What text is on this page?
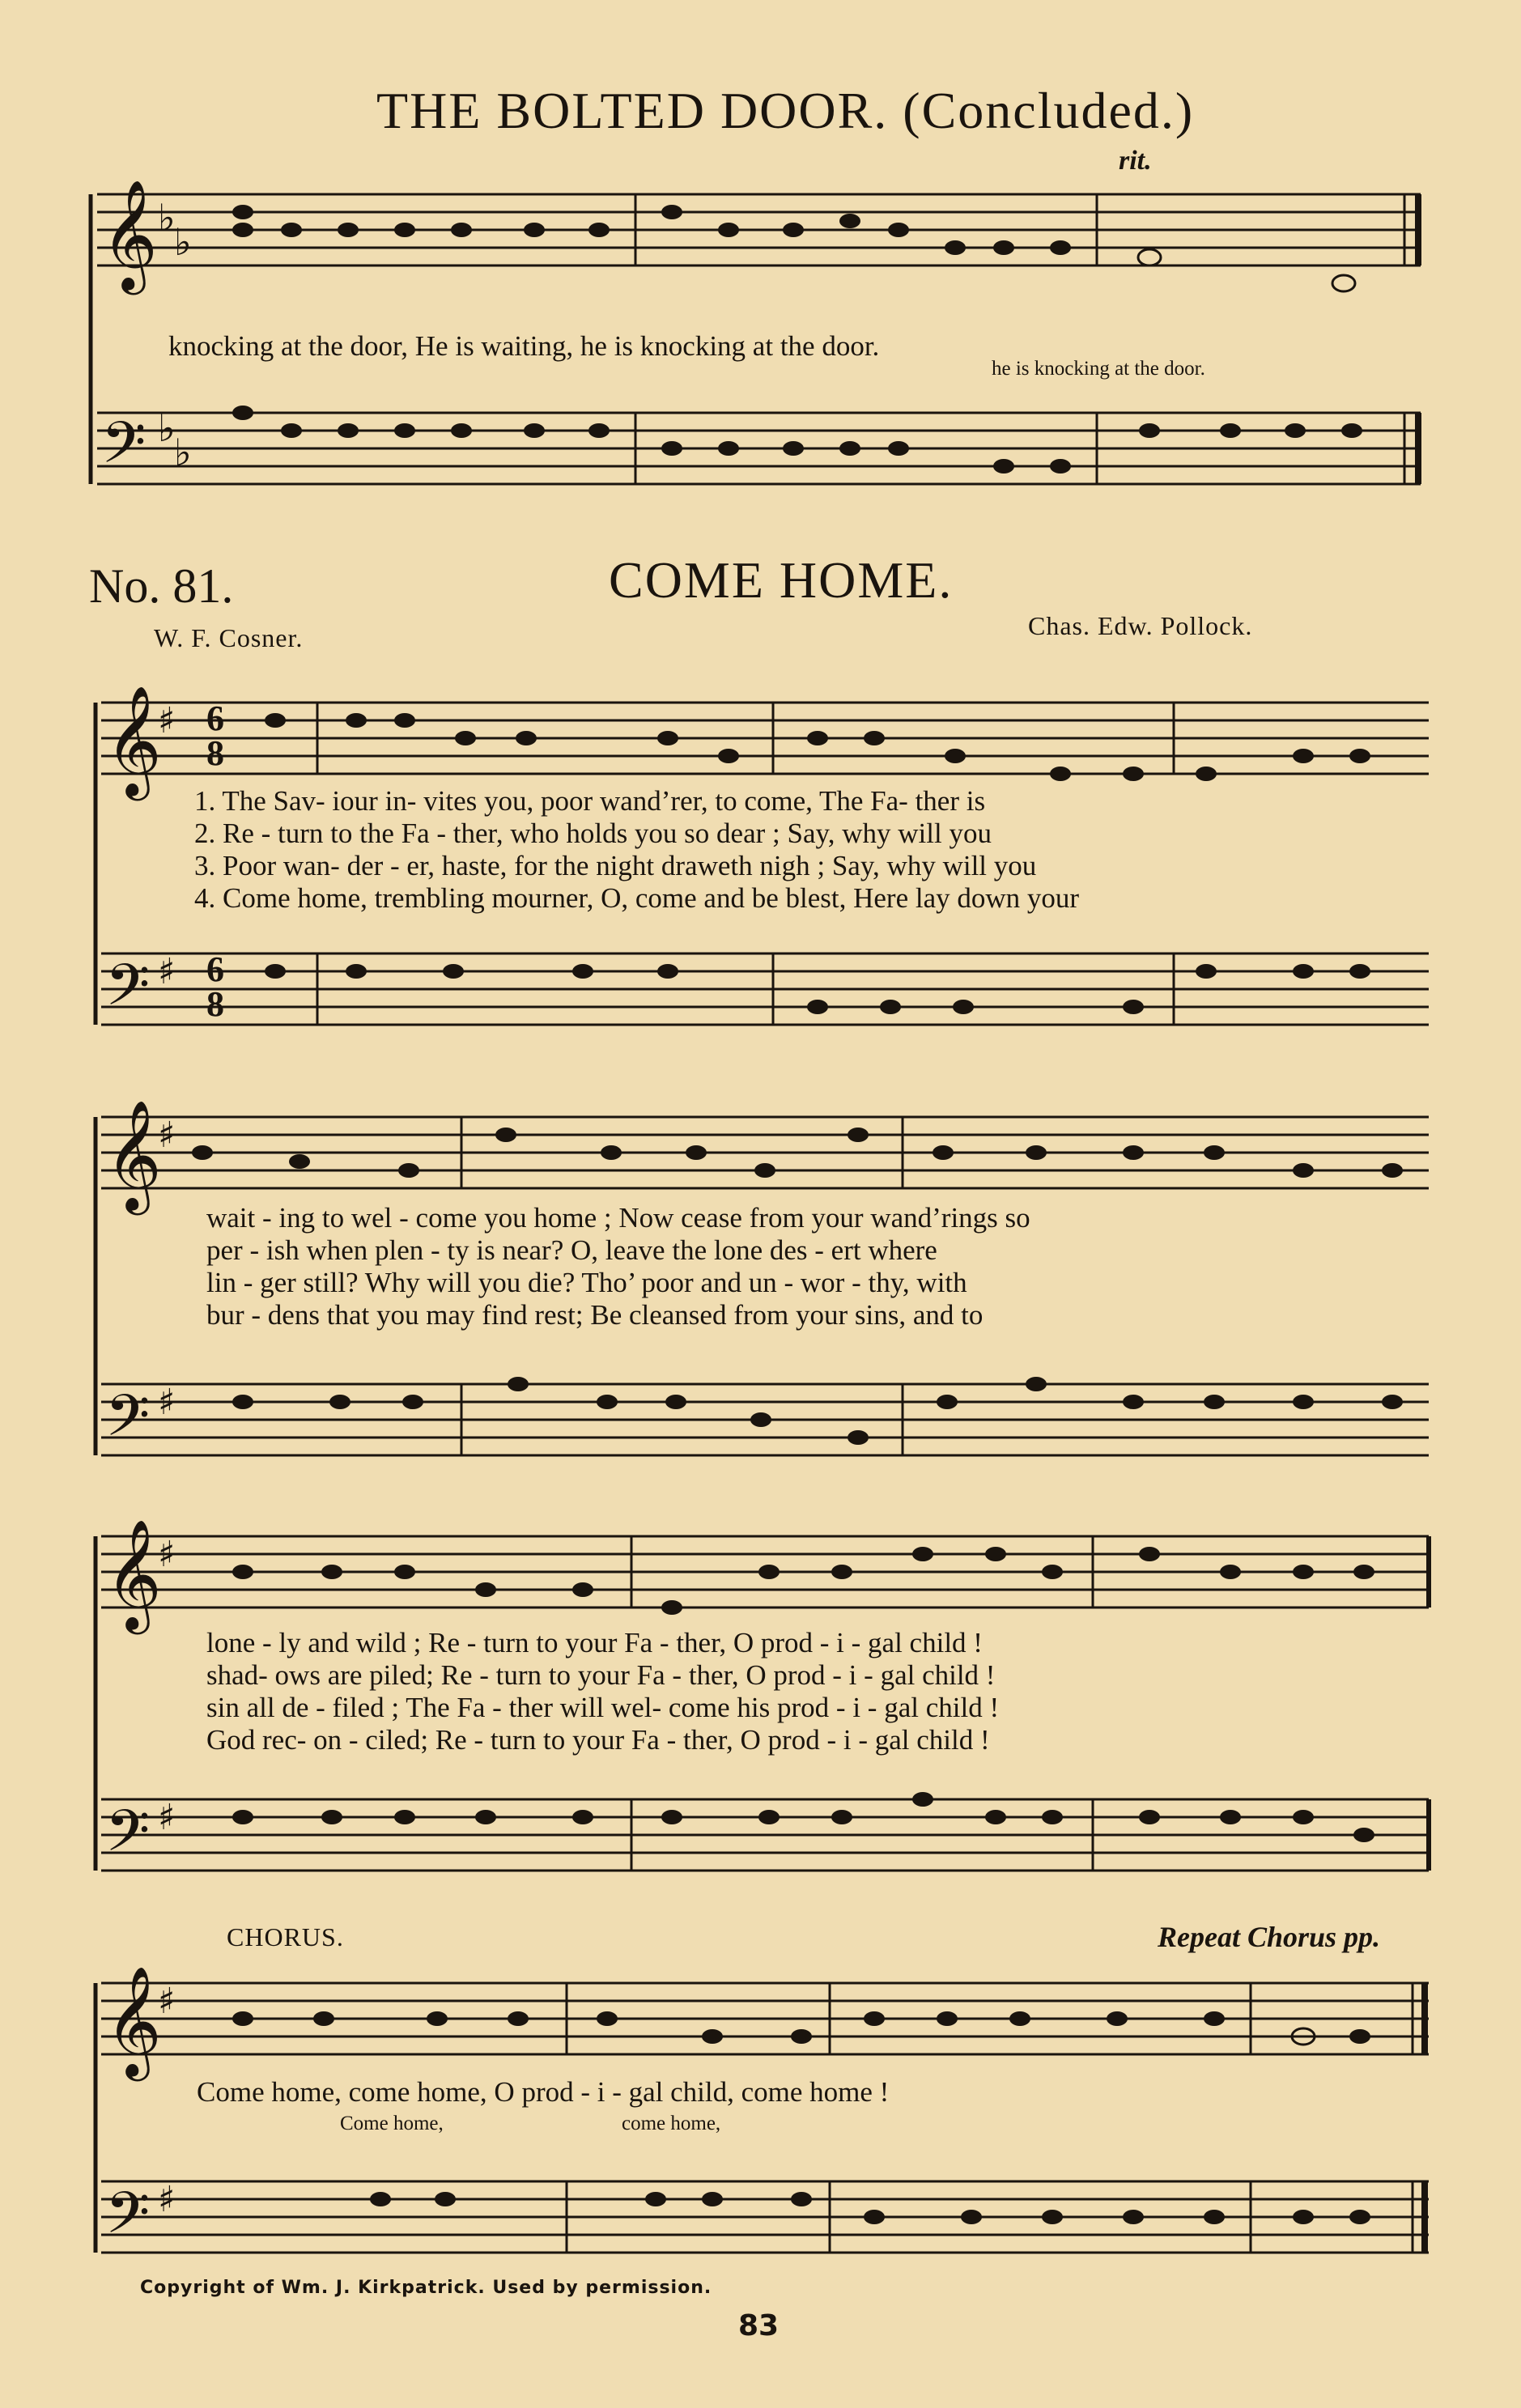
THE BOLTED DOOR. (Concluded.)
rit.
𝄞 ♭
♭
𝄢 ♭
♭
knocking at the door, He is waiting, he is knocking at the door.
he is knocking at the door.
No. 81.	COME HOME.
W. F. Cosner.	Chas. Edw. Pollock.
𝄞
𝄢
♯
♯
𝄞
𝄢
♯
♯
𝄞
𝄢
♯
♯
𝄞
𝄢
♯
♯
6
8
6
8
1. The Sav- iour in- vites you, poor wand’rer, to come, The Fa- ther is
2. Re - turn to the Fa - ther, who holds you so dear ; Say, why will you
3. Poor wan- der - er, haste, for the night draweth nigh ; Say, why will you
4. Come home, trembling mourner, O, come and be blest, Here lay down your
wait - ing to wel - come you home ; Now cease from your wand’rings so
per - ish when plen - ty is near? O, leave the lone des - ert where
lin - ger still? Why will you die? Tho’ poor and un - wor - thy, with
bur - dens that you may find rest; Be cleansed from your sins, and to
lone - ly and wild ; Re - turn to your Fa - ther, O prod - i - gal child !
shad- ows are piled; Re - turn to your Fa - ther, O prod - i - gal child !
sin all de - filed ; The Fa - ther will wel- come his prod - i - gal child !
God rec- on - ciled; Re - turn to your Fa - ther, O prod - i - gal child !
CHORUS.	Repeat Chorus pp.
Come home, come home, O prod - i - gal child, come home !
Come home,	come home,
Copyright of Wm. J. Kirkpatrick. Used by permission.
83
